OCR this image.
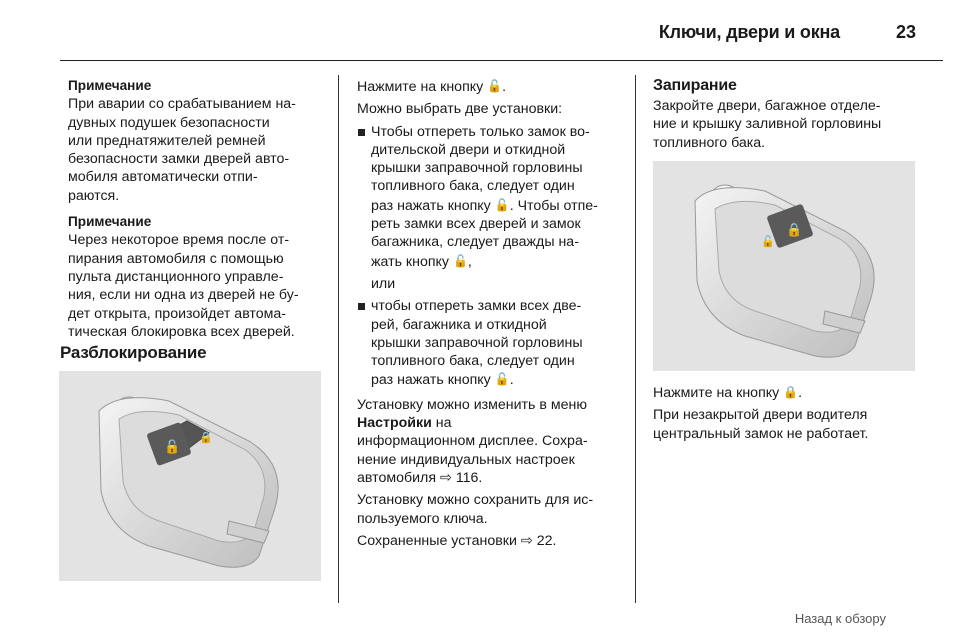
Ключи, двери и окна	23
Примечание
При аварии со срабатыванием на-
дувных подушек безопасности
или преднатяжителей ремней
безопасности замки дверей авто-
мобиля автоматически отпи-
раются.
Примечание
Через некоторое время после от-
пирания автомобиля с помощью
пульта дистанционного управле-
ния, если ни одна из дверей не бу-
дет открыта, произойдет автома-
тическая блокировка всех дверей.
Разблокирование
🔓
🔒

Нажмите на кнопку 🔓.

Можно выбрать две установки:

Чтобы отпереть только замок во-
дительской двери и откидной
крышки заправочной горловины
топливного бака, следует один
раз нажать кнопку 🔓. Чтобы отпе-
реть замки всех дверей и замок
багажника, следует дважды на-
жать кнопку 🔓,

или

чтобы отпереть замки всех две-
рей, багажника и откидной
крышки заправочной горловины
топливного бака, следует один
раз нажать кнопку 🔓.
Установку можно изменить в меню
Настройки на
информационном дисплее. Сохра-
нение индивидуальных настроек
автомобиля ⇨ 116.
Установку можно сохранить для ис-
пользуемого ключа.

Сохраненные установки ⇨ 22.

Запирание
Закройте двери, багажное отделе-
ние и крышку заливной горловины
топливного бака.
🔒
🔓

Нажмите на кнопку 🔒.

При незакрытой двери водителя
центральный замок не работает.
Назад к обзору
